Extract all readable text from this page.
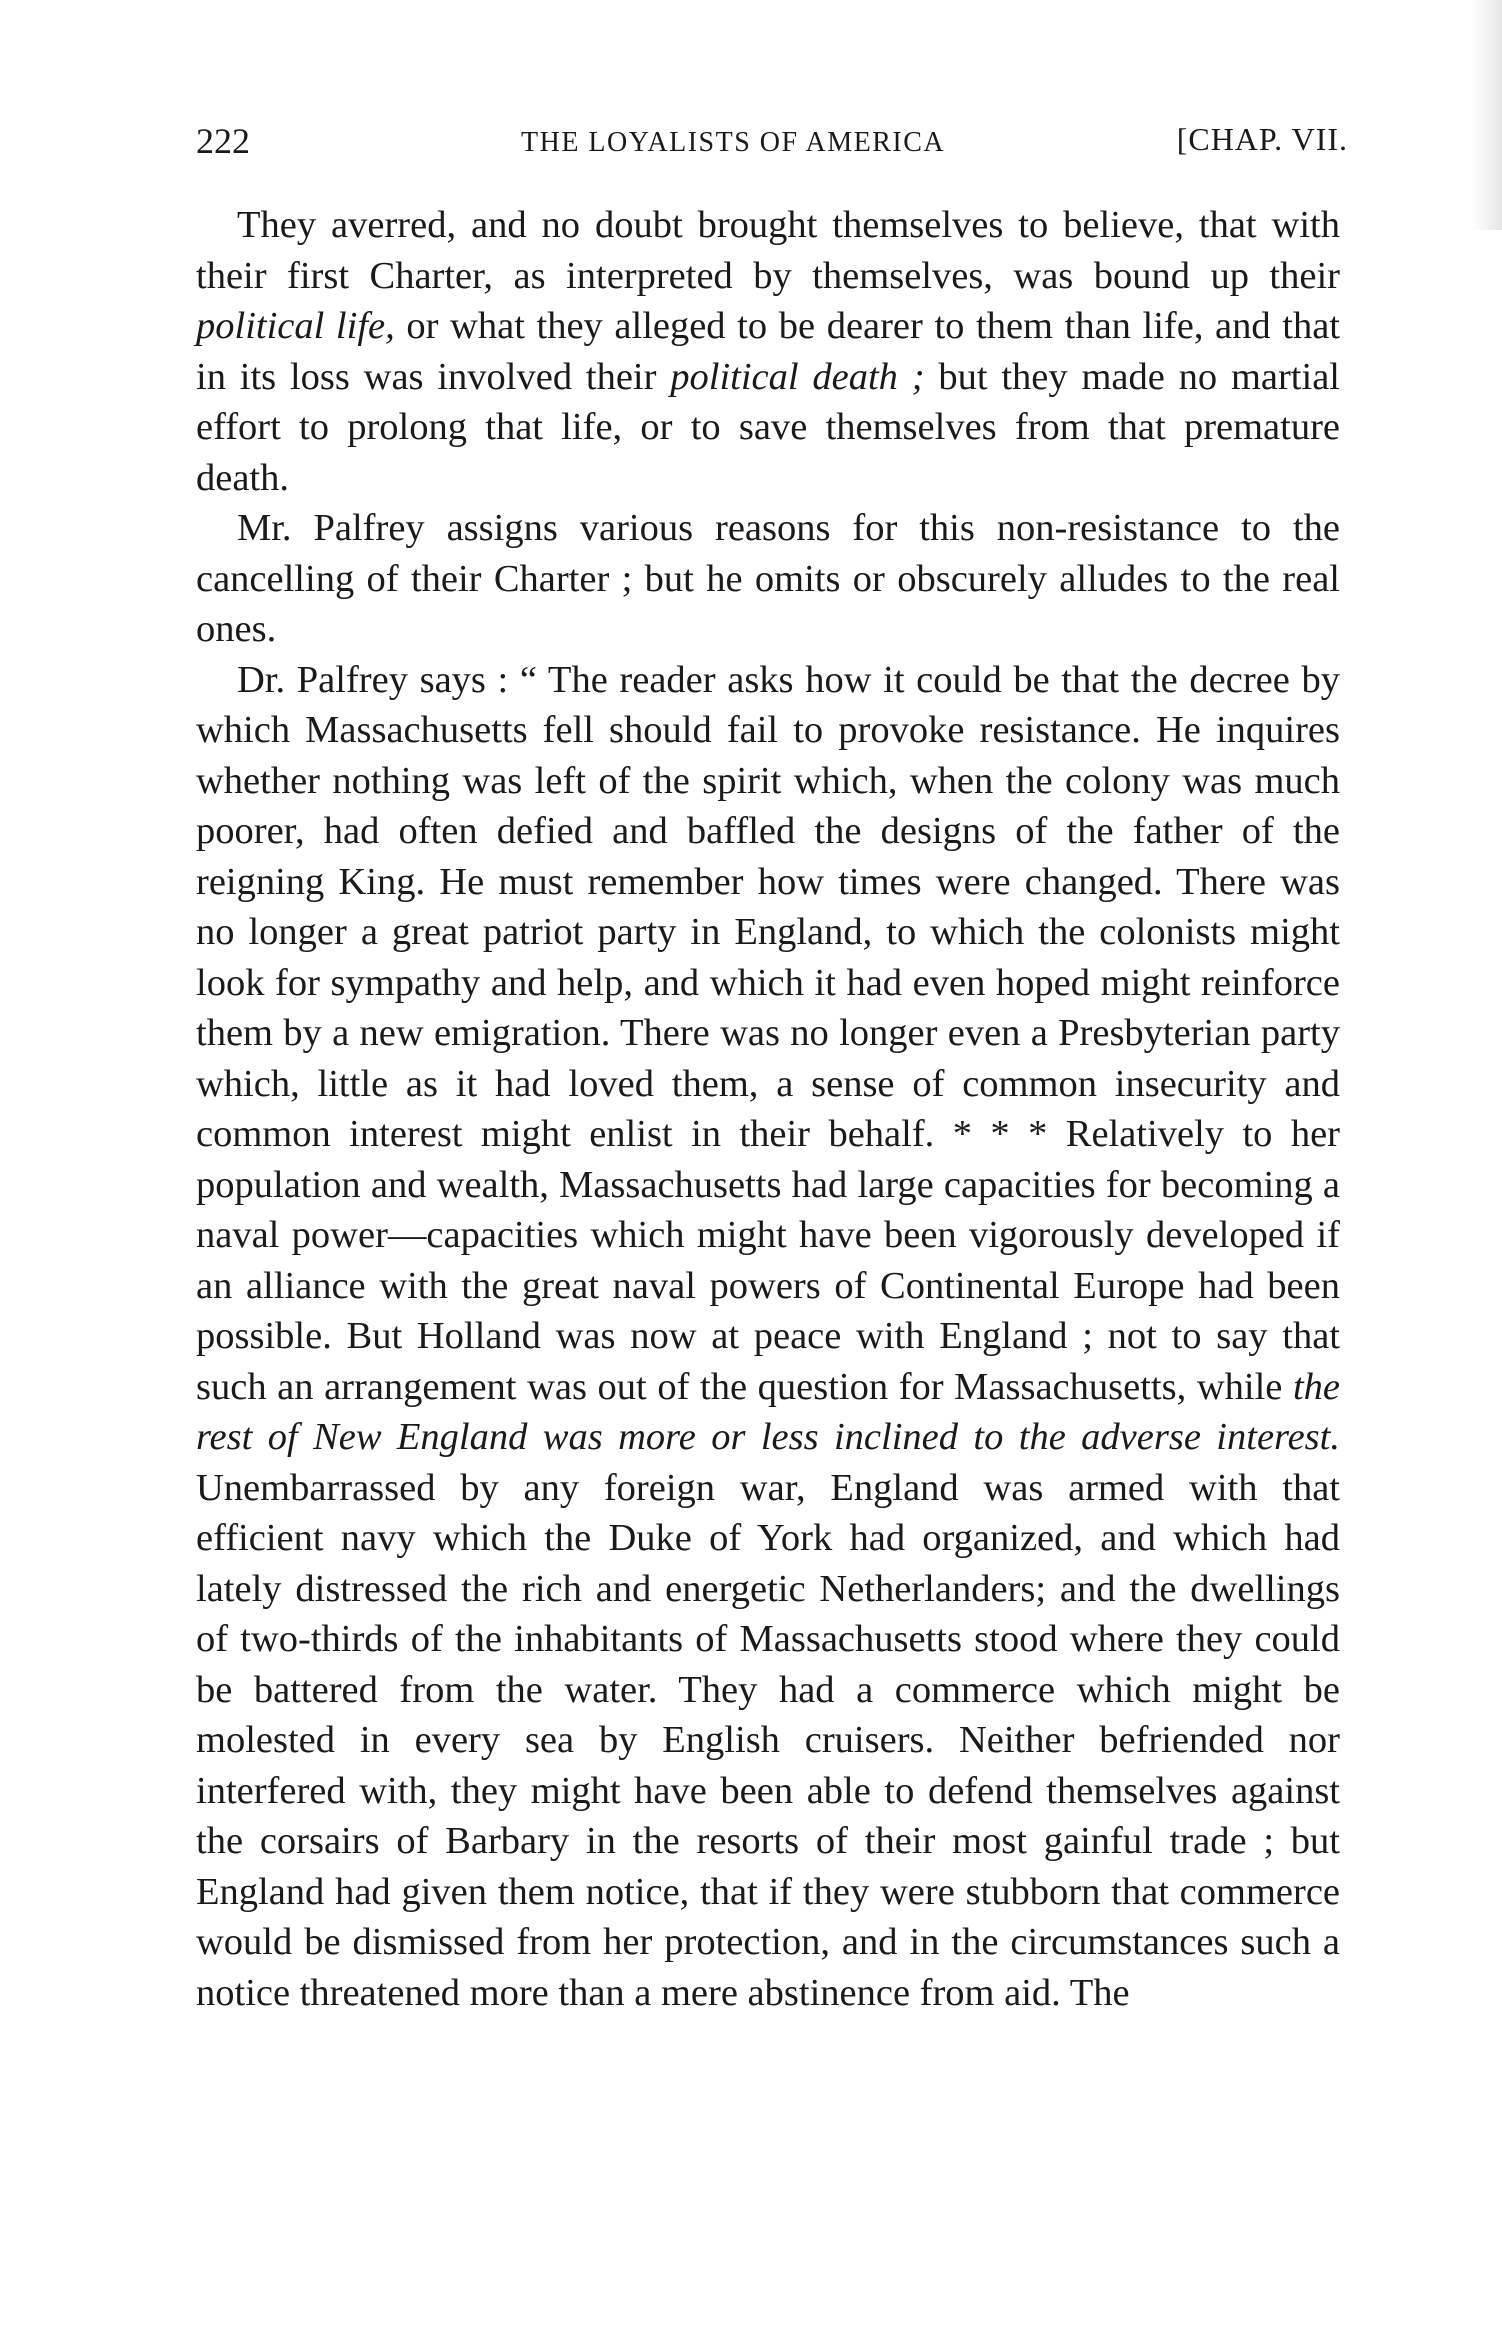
222	THE LOYALISTS OF AMERICA	[CHAP. VII.

They averred, and no doubt brought themselves to believe, that with their first Charter, as interpreted by themselves, was bound up their political life, or what they alleged to be dearer to them than life, and that in its loss was involved their political death ; but they made no martial effort to prolong that life, or to save themselves from that premature death.

Mr. Palfrey assigns various reasons for this non-resistance to the cancelling of their Charter ; but he omits or obscurely alludes to the real ones.

Dr. Palfrey says : “ The reader asks how it could be that the decree by which Massachusetts fell should fail to provoke resistance. He inquires whether nothing was left of the spirit which, when the colony was much poorer, had often defied and baffled the designs of the father of the reigning King. He must remember how times were changed. There was no longer a great patriot party in England, to which the colonists might look for sympathy and help, and which it had even hoped might reinforce them by a new emigration. There was no longer even a Presbyterian party which, little as it had loved them, a sense of common insecurity and common interest might enlist in their behalf. * * * Relatively to her population and wealth, Massachusetts had large capacities for becoming a naval power—capacities which might have been vigorously developed if an alliance with the great naval powers of Continental Europe had been possible. But Holland was now at peace with England ; not to say that such an arrangement was out of the question for Massachusetts, while the rest of New England was more or less inclined to the adverse interest. Unembarrassed by any foreign war, England was armed with that efficient navy which the Duke of York had organized, and which had lately distressed the rich and energetic Netherlanders; and the dwellings of two-thirds of the inhabitants of Massachusetts stood where they could be battered from the water. They had a commerce which might be molested in every sea by English cruisers. Neither befriended nor interfered with, they might have been able to defend themselves against the corsairs of Barbary in the resorts of their most gainful trade ; but England had given them notice, that if they were stubborn that commerce would be dismissed from her protection, and in the circumstances such a notice threatened more than a mere abstinence from aid. The
